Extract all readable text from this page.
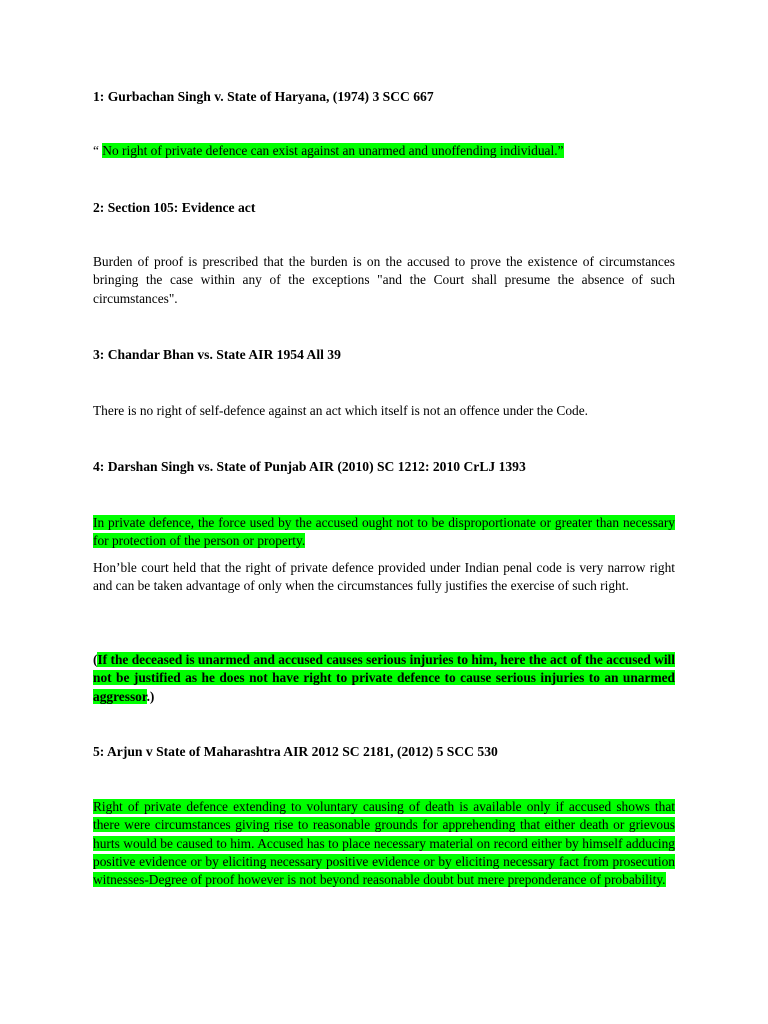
1: Gurbachan Singh v. State of Haryana, (1974) 3 SCC 667
“ No right of private defence can exist against an unarmed and unoffending individual.”
2: Section 105: Evidence act
Burden of proof is prescribed that the burden is on the accused to prove the existence of circumstances bringing the case within any of the exceptions "and the Court shall presume the absence of such circumstances".
3: Chandar Bhan vs. State AIR 1954 All 39
There is no right of self-defence against an act which itself is not an offence under the Code.
4: Darshan Singh vs. State of Punjab AIR (2010) SC 1212: 2010 CrLJ 1393
In private defence, the force used by the accused ought not to be disproportionate or greater than necessary for protection of the person or property.
Hon’ble court held that the right of private defence provided under Indian penal code is very narrow right and can be taken advantage of only when the circumstances fully justifies the exercise of such right.
(If the deceased is unarmed and accused causes serious injuries to him, here the act of the accused will not be justified as he does not have right to private defence to cause serious injuries to an unarmed aggressor.)
5: Arjun v State of Maharashtra AIR 2012 SC 2181, (2012) 5 SCC 530
Right of private defence extending to voluntary causing of death is available only if accused shows that there were circumstances giving rise to reasonable grounds for apprehending that either death or grievous hurts would be caused to him. Accused has to place necessary material on record either by himself adducing positive evidence or by eliciting necessary positive evidence or by eliciting necessary fact from prosecution witnesses-Degree of proof however is not beyond reasonable doubt but mere preponderance of probability.
